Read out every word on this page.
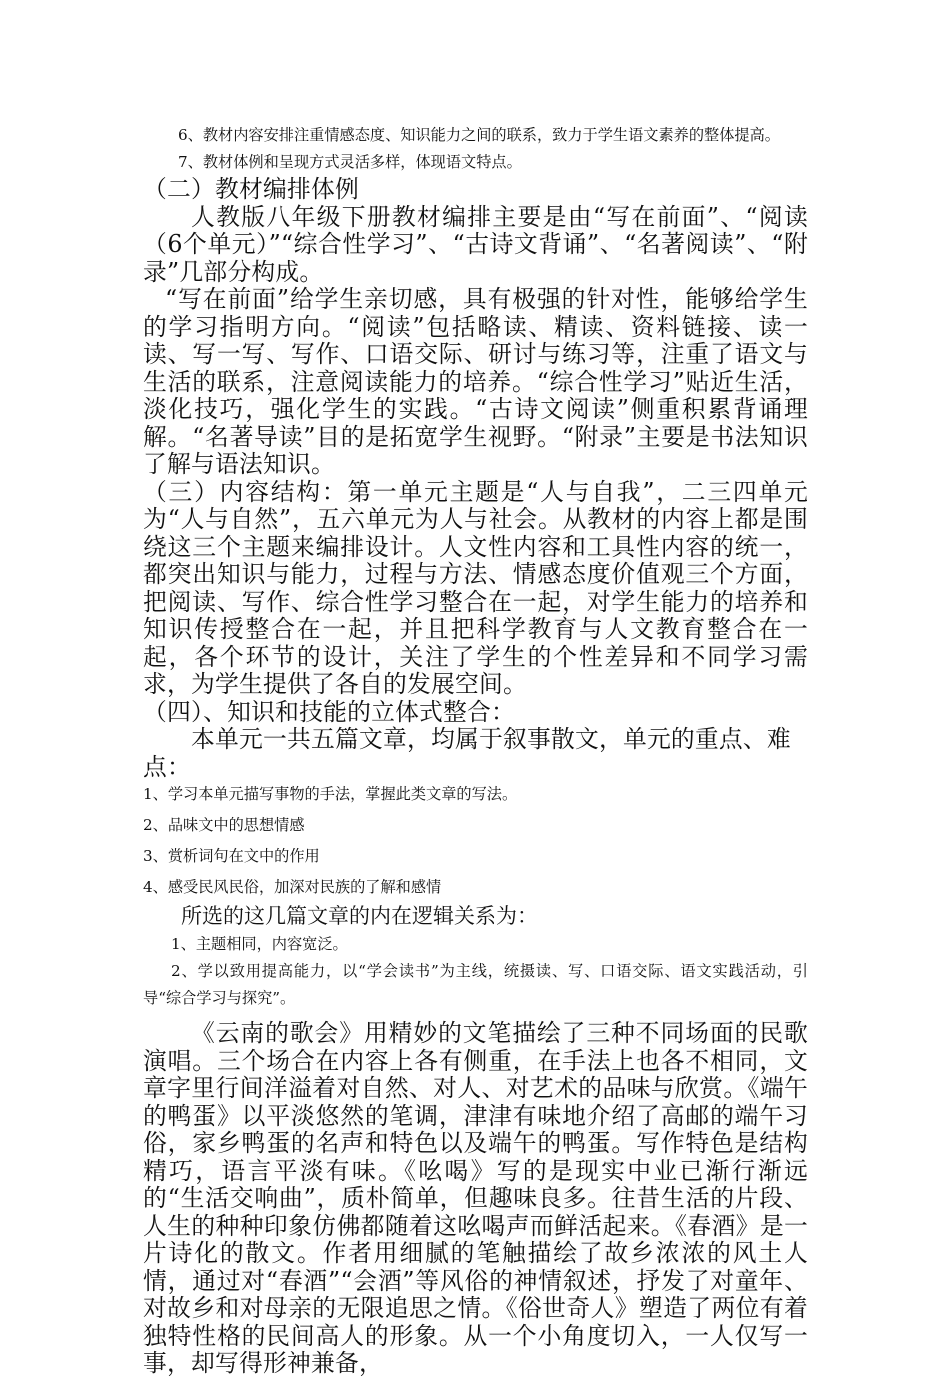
6、教材内容安排注重情感态度、知识能力之间的联系，致力于学生语文素养的整体提高。

7、教材体例和呈现方式灵活多样，体现语文特点。

（二）教材编排体例

人教版八年级下册教材编排主要是由“写在前面”、“阅读（6个单元）”“综合性学习”、“古诗文背诵”、“名著阅读”、“附录”几部分构成。

“写在前面”给学生亲切感，具有极强的针对性，能够给学生的学习指明方向。“阅读”包括略读、精读、资料链接、读一读、写一写、写作、口语交际、研讨与练习等，注重了语文与生活的联系，注意阅读能力的培养。“综合性学习”贴近生活，淡化技巧，强化学生的实践。“古诗文阅读”侧重积累背诵理解。“名著导读”目的是拓宽学生视野。“附录”主要是书法知识了解与语法知识。

（三）内容结构：第一单元主题是“人与自我”，二三四单元为“人与自然”，五六单元为人与社会。从教材的内容上都是围绕这三个主题来编排设计。人文性内容和工具性内容的统一，都突出知识与能力，过程与方法、情感态度价值观三个方面，把阅读、写作、综合性学习整合在一起，对学生能力的培养和知识传授整合在一起，并且把科学教育与人文教育整合在一起，各个环节的设计，关注了学生的个性差异和不同学习需求，为学生提供了各自的发展空间。

（四）、知识和技能的立体式整合：

本单元一共五篇文章，均属于叙事散文，单元的重点、难点：

1、学习本单元描写事物的手法，掌握此类文章的写法。

2、品味文中的思想情感

3、赏析词句在文中的作用

4、感受民风民俗，加深对民族的了解和感情

所选的这几篇文章的内在逻辑关系为：

1、主题相同，内容宽泛。

2、学以致用提高能力，以“学会读书”为主线，统摄读、写、口语交际、语文实践活动，引导“综合学习与探究”。

《云南的歌会》用精妙的文笔描绘了三种不同场面的民歌演唱。三个场合在内容上各有侧重，在手法上也各不相同，文章字里行间洋溢着对自然、对人、对艺术的品味与欣赏。《端午的鸭蛋》以平淡悠然的笔调，津津有味地介绍了高邮的端午习俗，家乡鸭蛋的名声和特色以及端午的鸭蛋。写作特色是结构精巧，语言平淡有味。《吆喝》写的是现实中业已渐行渐远的“生活交响曲”，质朴简单，但趣味良多。往昔生活的片段、人生的种种印象仿佛都随着这吆喝声而鲜活起来。《春酒》是一片诗化的散文。作者用细腻的笔触描绘了故乡浓浓的风土人情，通过对“春酒”“会酒”等风俗的神情叙述，抒发了对童年、对故乡和对母亲的无限追思之情。《俗世奇人》塑造了两位有着独特性格的民间高人的形象。从一个小角度切入，一人仅写一事，却写得形神兼备，
